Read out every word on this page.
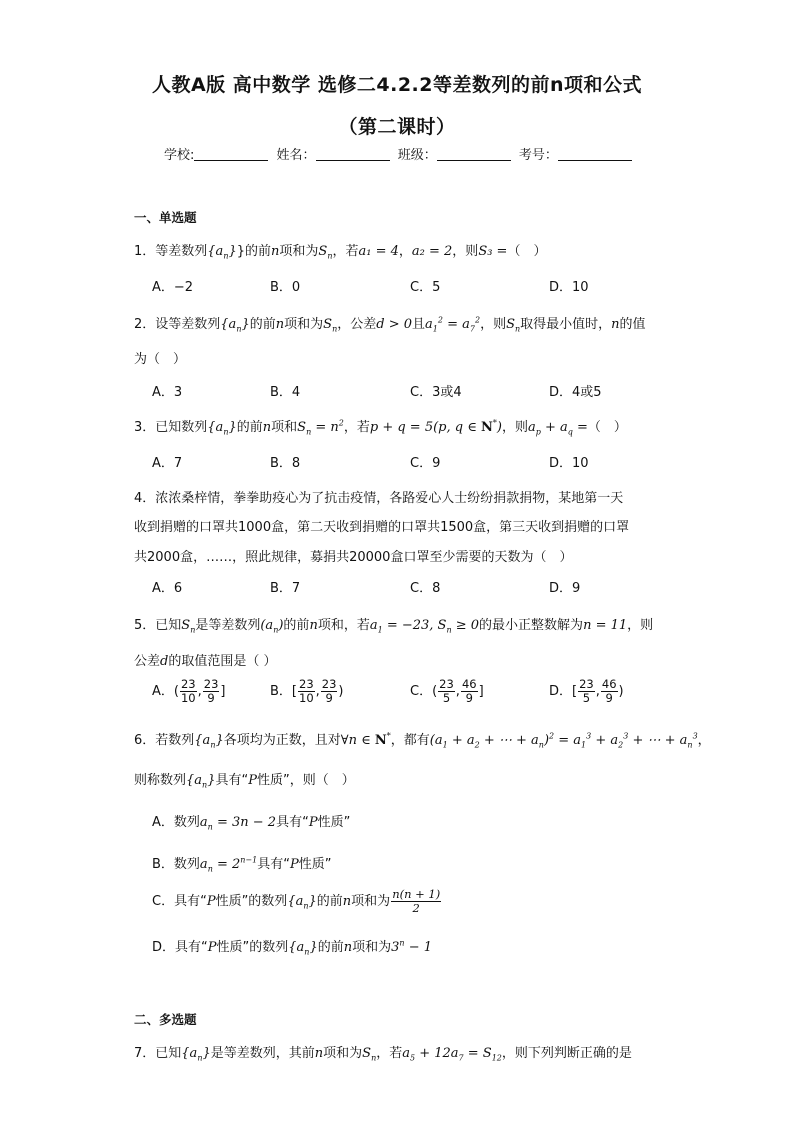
人教A版 高中数学 选修二4.2.2等差数列的前n项和公式
（第二课时）
学校:	姓名：	班级：	考号：
一、单选题
1．等差数列$\{a_n\}$}的前n项和为$S_n$，若a₁ = 4，a₂ = 2，则S₃ =（　）
A．−2	B．0	C．5	D．10
2．设等差数列$\{a_n\}$的前n项和为$S_n$，公差d > 0且$a_1^2 = a_7^2$，则$S_n$取得最小值时，n的值
为（　）
A．3	B．4	C．3或4	D．4或5
3．已知数列$\{a_n\}$的前n项和$S_n = n^2$，若p + q = 5(p, q ∈ N*)，则$a_p + a_q$ =（　）
A．7	B．8	C．9	D．10
4．浓浓桑梓情，拳拳助疫心为了抗击疫情，各路爱心人士纷纷捐款捐物，某地第一天
收到捐赠的口罩共1000盒，第二天收到捐赠的口罩共1500盒，第三天收到捐赠的口罩
共2000盒，……，照此规律，募捐共20000盒口罩至少需要的天数为（　）
A．6	B．7	C．8	D．9
5．已知$S_n$是等差数列$(a_n)$的前n项和，若$a_1 = -23$, $S_n \ge 0$的最小正整数解为n = 11，则
公差d的取值范围是（ ）
A．( $\frac{23}{10}$ , $\frac{23}{9}$ ]	B．[ $\frac{23}{10}$ , $\frac{23}{9}$ )	C．( $\frac{23}{5}$ , $\frac{46}{9}$ ]	D．[ $\frac{23}{5}$ , $\frac{46}{9}$ )
6．若数列$\{a_n\}$各项均为正数，且对∀n ∈ N*，都有($a_1 + a_2$ + ⋯ + $a_n)^2 = a_1^3 + a_2^3$ + ⋯ + $a_n^3$，
则称数列$\{a_n\}$具有“P性质”，则（　）
A．数列$a_n = 3n - 2$具有“P性质”
B．数列$a_n = 2^{n-1}$具有“P性质”
C．具有“P性质”的数列$\{a_n\}$的前n项和为 $\frac{n(n + 1)}{2}$
D．具有“P性质”的数列$\{a_n\}$的前n项和为$3^n - 1$
二、多选题
7．已知$\{a_n\}$是等差数列，其前n项和为$S_n$，若$a_5 + 12a_7 = S_{12}$，则下列判断正确的是
